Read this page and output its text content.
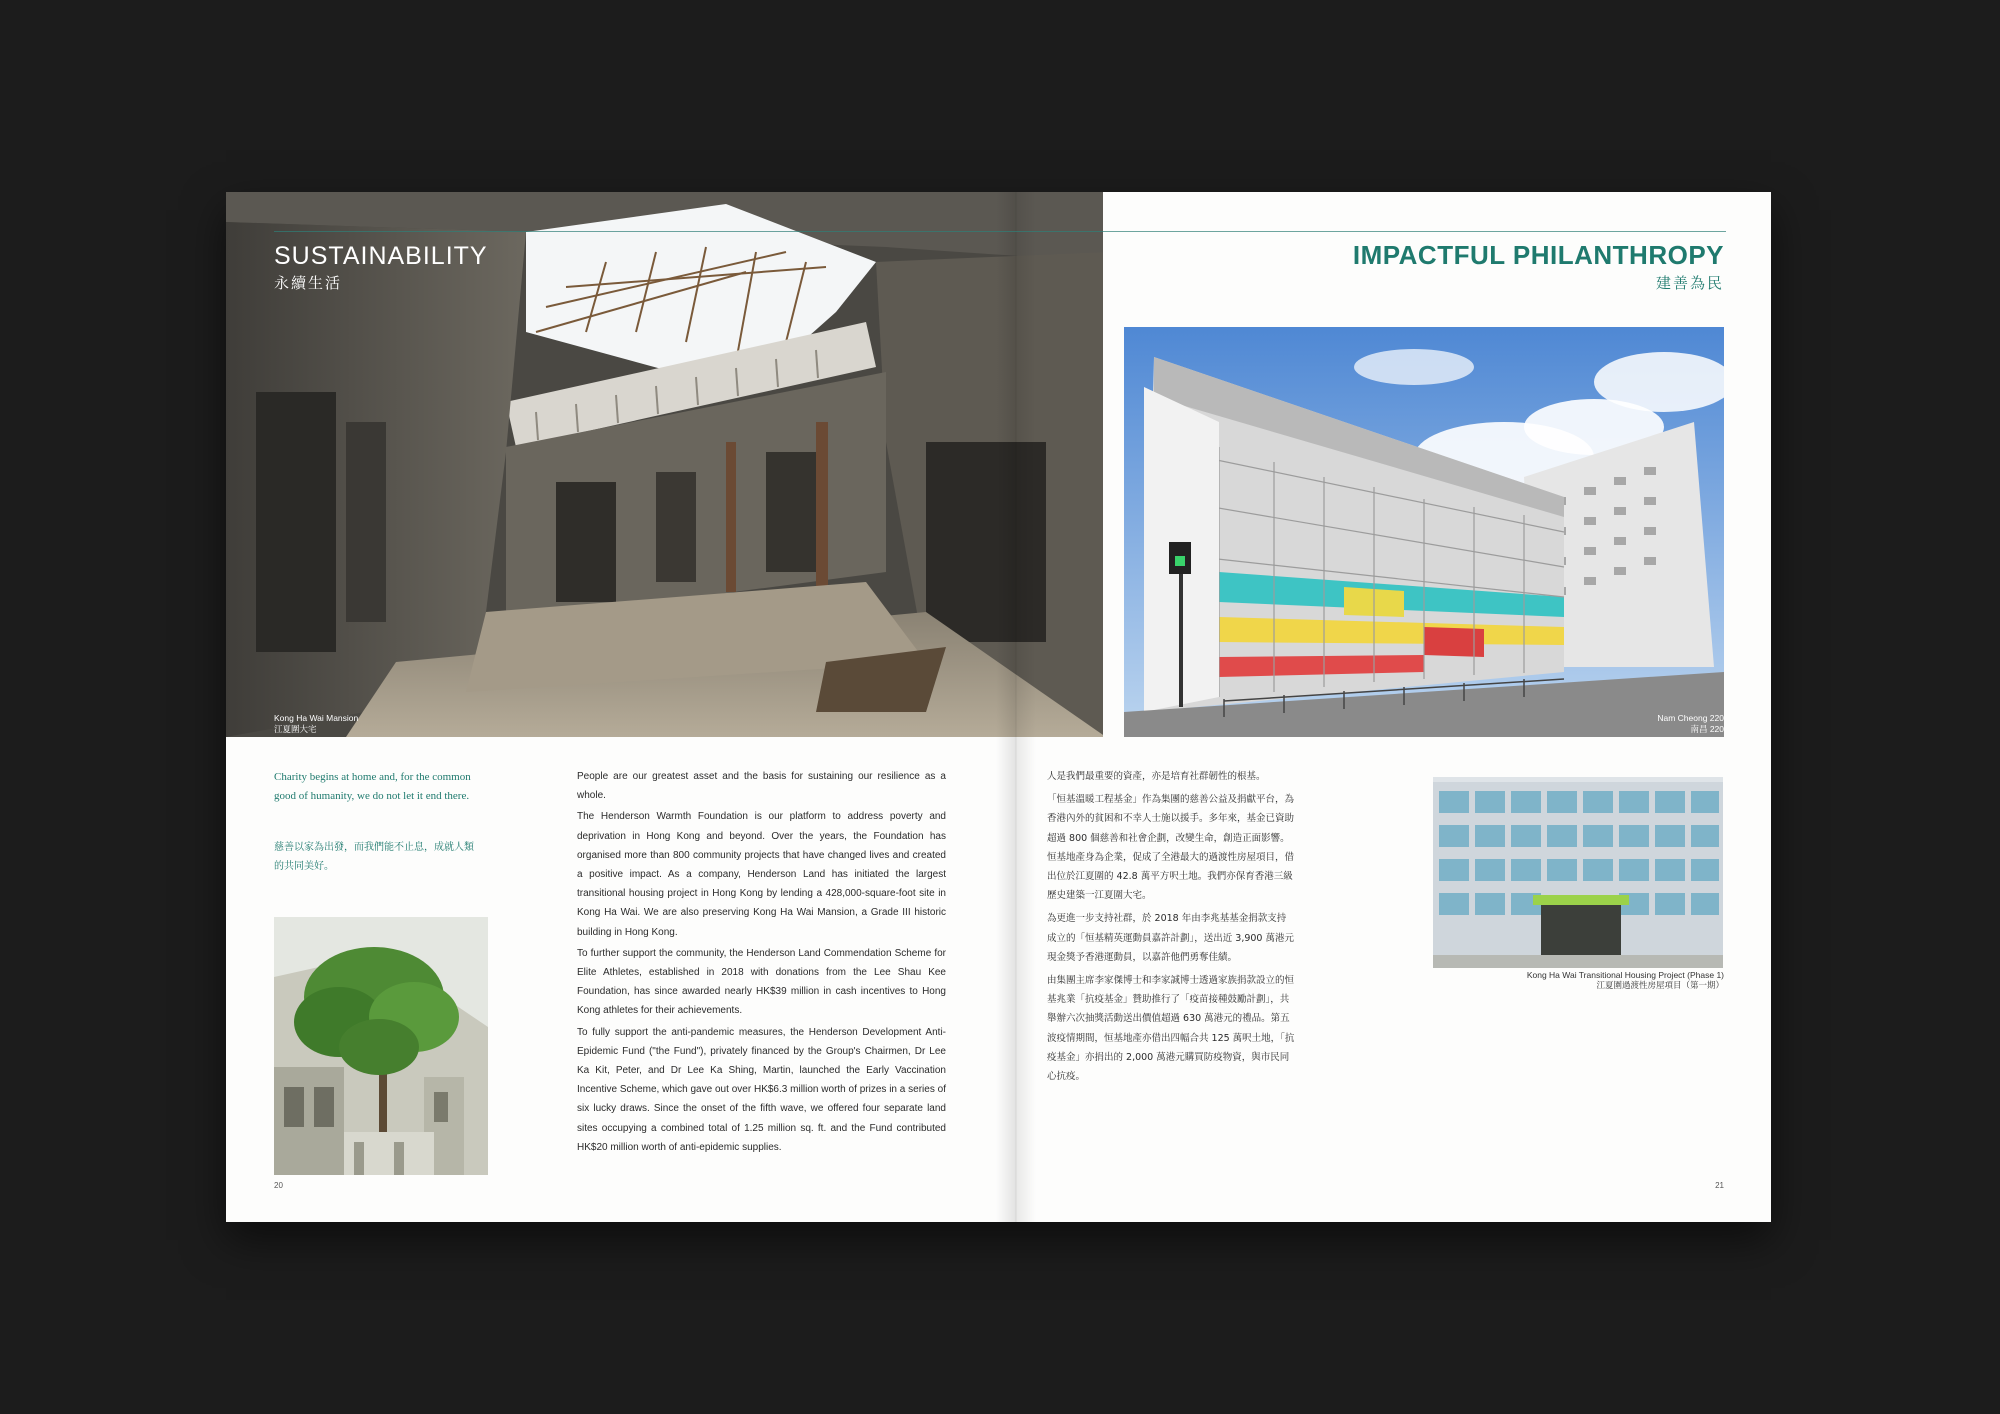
SUSTAINABILITY
永續生活
IMPACTFUL PHILANTHROPY
建善為民
Kong Ha Wai Mansion
江夏圍大宅
Nam Cheong 220
南昌 220
Charity begins at home and, for the common good of humanity, we do not let it end there.
慈善以家為出發，而我們能不止息，成就人類的共同美好。

People are our greatest asset and the basis for sustaining our resilience as a whole.

The Henderson Warmth Foundation is our platform to address poverty and deprivation in Hong Kong and beyond. Over the years, the Foundation has organised more than 800 community projects that have changed lives and created a positive impact. As a company, Henderson Land has initiated the largest transitional housing project in Hong Kong by lending a 428,000-square-foot site in Kong Ha Wai. We are also preserving Kong Ha Wai Mansion, a Grade III historic building in Hong Kong.

To further support the community, the Henderson Land Commendation Scheme for Elite Athletes, established in 2018 with donations from the Lee Shau Kee Foundation, has since awarded nearly HK$39 million in cash incentives to Hong Kong athletes for their achievements.

To fully support the anti-pandemic measures, the Henderson Development Anti-Epidemic Fund ("the Fund"), privately financed by the Group's Chairmen, Dr Lee Ka Kit, Peter, and Dr Lee Ka Shing, Martin, launched the Early Vaccination Incentive Scheme, which gave out over HK$6.3 million worth of prizes in a series of six lucky draws. Since the onset of the fifth wave, we offered four separate land sites occupying a combined total of 1.25 million sq. ft. and the Fund contributed HK$20 million worth of anti-epidemic supplies.

人是我們最重要的資產，亦是培育社群韌性的根基。

「恒基溫暖工程基金」作為集團的慈善公益及捐獻平台，為香港內外的貧困和不幸人士施以援手。多年來，基金已資助超過 800 個慈善和社會企劃，改變生命，創造正面影響。恒基地產身為企業，促成了全港最大的過渡性房屋項目，借出位於江夏圍的 42.8 萬平方呎土地。我們亦保育香港三級歷史建築一江夏圍大宅。

為更進一步支持社群，於 2018 年由李兆基基金捐款支持成立的「恒基精英運動員嘉許計劃」，送出近 3,900 萬港元現金獎予香港運動員，以嘉許他們勇奪佳績。

由集團主席李家傑博士和李家誠博士透過家族捐款設立的恒基兆業「抗疫基金」贊助推行了「疫苗接種鼓勵計劃」，共舉辦六次抽獎活動送出價值超過 630 萬港元的禮品。第五波疫情期間，恒基地產亦借出四幅合共 125 萬呎土地，「抗疫基金」亦捐出的 2,000 萬港元購買防疫物資，與市民同心抗疫。

Kong Ha Wai Transitional Housing Project (Phase 1)
江夏圍過渡性房屋項目（第一期）
20	21
